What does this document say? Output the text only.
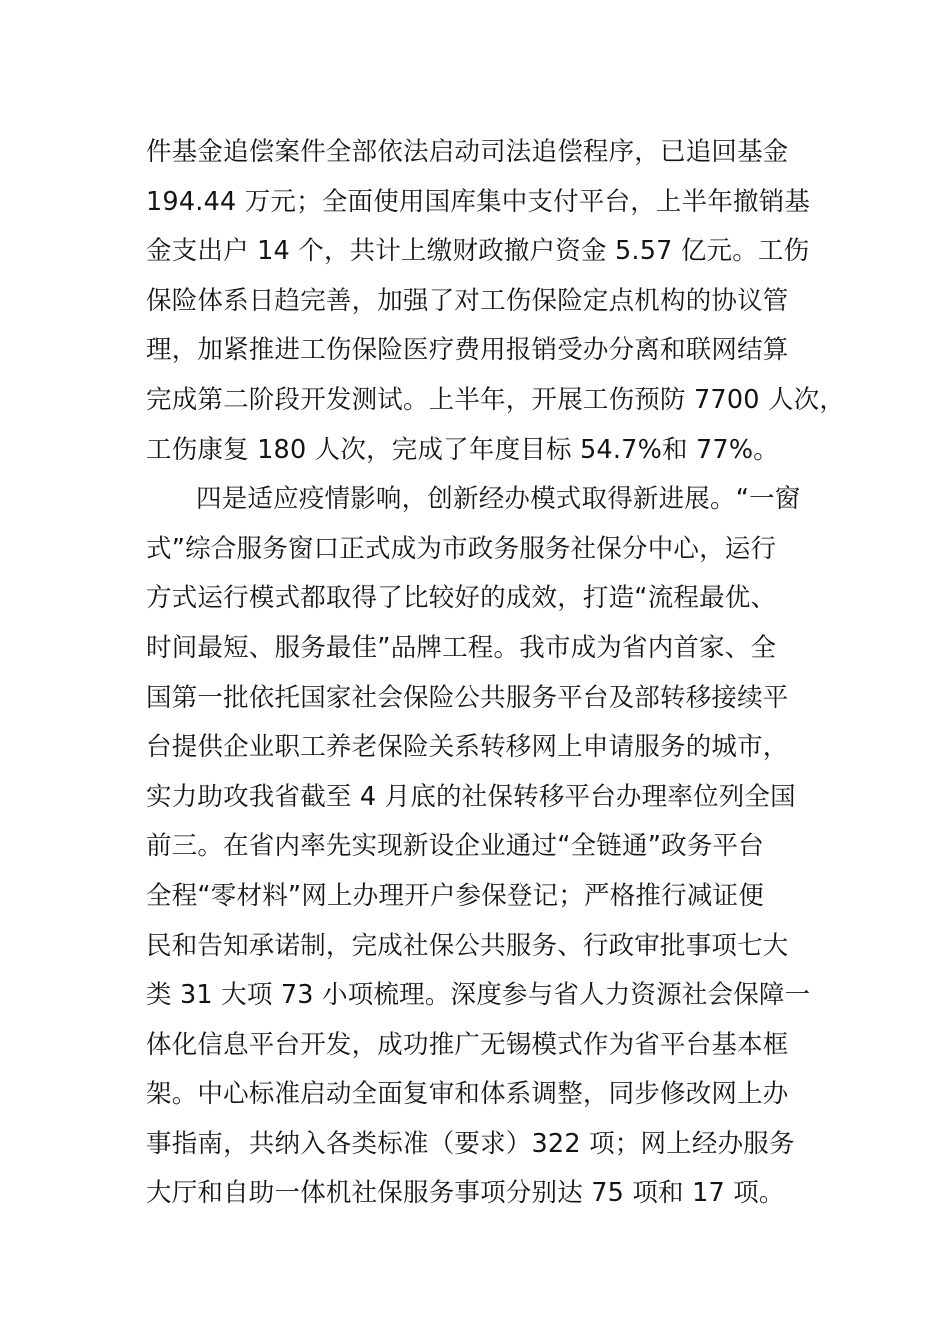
件基金追偿案件全部依法启动司法追偿程序，已追回基金
194.44 万元；全面使用国库集中支付平台，上半年撤销基
金支出户 14 个，共计上缴财政撤户资金 5.57 亿元。工伤
保险体系日趋完善，加强了对工伤保险定点机构的协议管
理，加紧推进工伤保险医疗费用报销受办分离和联网结算
完成第二阶段开发测试。上半年，开展工伤预防 7700 人次，
工伤康复 180 人次，完成了年度目标 54.7%和 77%。
四是适应疫情影响，创新经办模式取得新进展。“一窗
式”综合服务窗口正式成为市政务服务社保分中心，运行
方式运行模式都取得了比较好的成效，打造“流程最优、
时间最短、服务最佳”品牌工程。我市成为省内首家、全
国第一批依托国家社会保险公共服务平台及部转移接续平
台提供企业职工养老保险关系转移网上申请服务的城市，
实力助攻我省截至 4 月底的社保转移平台办理率位列全国
前三。在省内率先实现新设企业通过“全链通”政务平台
全程“零材料”网上办理开户参保登记；严格推行减证便
民和告知承诺制，完成社保公共服务、行政审批事项七大
类 31 大项 73 小项梳理。深度参与省人力资源社会保障一
体化信息平台开发，成功推广无锡模式作为省平台基本框
架。中心标准启动全面复审和体系调整，同步修改网上办
事指南，共纳入各类标准（要求）322 项；网上经办服务
大厅和自助一体机社保服务事项分别达 75 项和 17 项。
